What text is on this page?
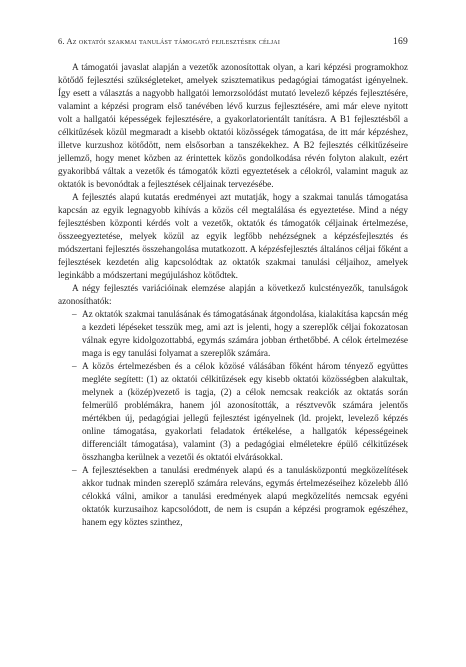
6. Az oktatói szakmai tanulást támogató fejlesztések céljai	169

A támogatói javaslat alapján a vezetők azonosítottak olyan, a kari képzési programokhoz kötődő fejlesztési szükségleteket, amelyek szisztematikus pedagógiai támogatást igényelnek. Így esett a választás a nagyobb hallgatói lemorzsolódást mutató levelező képzés fejlesztésére, valamint a képzési program első tanévében lévő kurzus fejlesztésére, ami már eleve nyitott volt a hallgatói képességek fejlesztésére, a gyakorlatorientált tanításra. A B1 fejlesztésből a célkitűzések közül megmaradt a kisebb oktatói közösségek támogatása, de itt már képzéshez, illetve kurzushoz kötődött, nem elsősorban a tanszékekhez. A B2 fejlesztés célkitűzéseire jellemző, hogy menet közben az érintettek közös gondolkodása révén folyton alakult, ezért gyakoribbá váltak a vezetők és támogatók közti egyeztetések a célokról, valamint maguk az oktatók is bevonódtak a fejlesztések céljainak tervezésébe.

A fejlesztés alapú kutatás eredményei azt mutatják, hogy a szakmai tanulás támogatása kapcsán az egyik legnagyobb kihívás a közös cél megtalálása és egyeztetése. Mind a négy fejlesztésben központi kérdés volt a vezetők, oktatók és támogatók céljainak értelmezése, összeegyeztetése, melyek közül az egyik legfőbb nehézségnek a képzésfejlesztés és módszertani fejlesztés összehangolása mutatkozott. A képzésfejlesztés általános céljai főként a fejlesztések kezdetén alig kapcsolódtak az oktatók szakmai tanulási céljaihoz, amelyek leginkább a módszertani megújuláshoz kötődtek.

A négy fejlesztés variációinak elemzése alapján a következő kulcstényezők, tanulságok azonosíthatók:

– Az oktatók szakmai tanulásának és támogatásának átgondolása, kialakítása kapcsán még a kezdeti lépéseket tesszük meg, ami azt is jelenti, hogy a szereplők céljai fokozatosan válnak egyre kidolgozottabbá, egymás számára jobban érthetőbbé. A célok értelmezése maga is egy tanulási folyamat a szereplők számára.
– A közös értelmezésben és a célok közösé válásában főként három tényező együttes megléte segített: (1) az oktatói célkitűzések egy kisebb oktatói közösségben alakultak, melynek a (közép)vezető is tagja, (2) a célok nemcsak reakciók az oktatás során felmerülő problémákra, hanem jól azonosították, a résztvevők számára jelentős mértékben új, pedagógiai jellegű fejlesztést igényelnek (ld. projekt, levelező képzés online támogatása, gyakorlati feladatok értékelése, a hallgatók képességeinek differenciált támogatása), valamint (3) a pedagógiai elméletekre épülő célkitűzések összhangba kerülnek a vezetői és oktatói elvárásokkal.
– A fejlesztésekben a tanulási eredmények alapú és a tanulásközpontú megközelítések akkor tudnak minden szereplő számára releváns, egymás értelmezéseihez közelebb álló célokká válni, amikor a tanulási eredmények alapú megközelítés nemcsak egyéni oktatók kurzusaihoz kapcsolódott, de nem is csupán a képzési programok egészéhez, hanem egy köztes szinthez,
